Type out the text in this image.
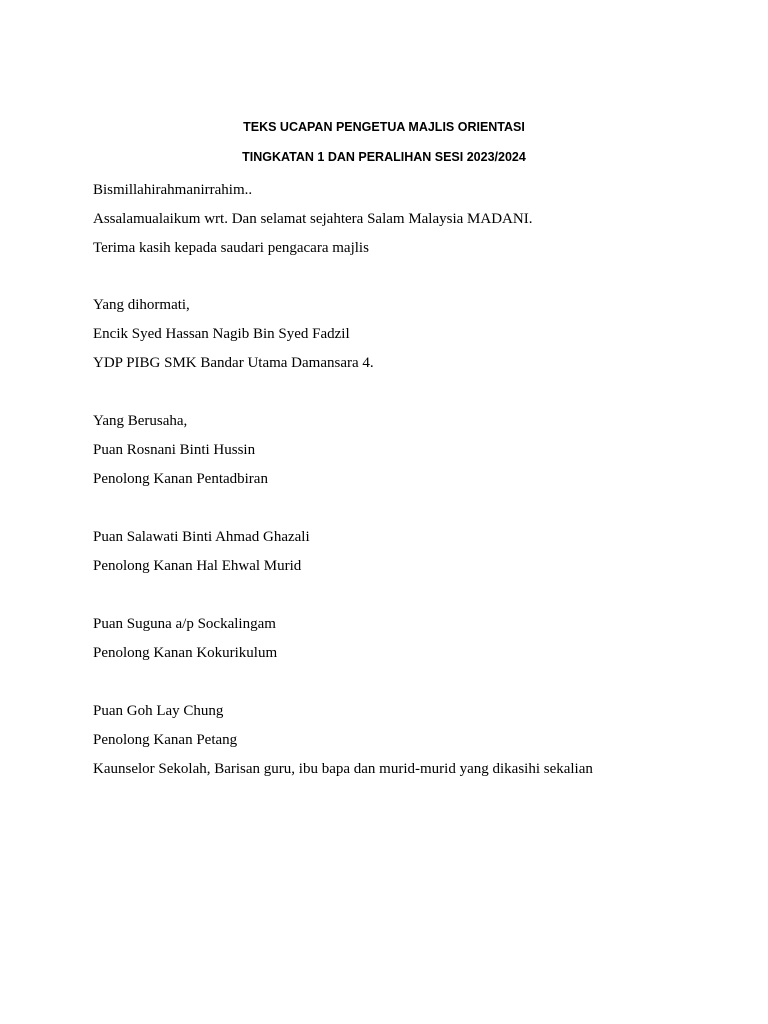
TEKS UCAPAN PENGETUA MAJLIS ORIENTASI
TINGKATAN 1 DAN PERALIHAN SESI 2023/2024
Bismillahirahmanirrahim..
Assalamualaikum wrt. Dan selamat sejahtera Salam Malaysia MADANI.
Terima kasih kepada saudari pengacara majlis
Yang dihormati,
Encik Syed Hassan Nagib Bin Syed Fadzil
YDP PIBG SMK Bandar Utama Damansara 4.
Yang Berusaha,
Puan Rosnani Binti Hussin
Penolong Kanan Pentadbiran
Puan Salawati Binti Ahmad Ghazali
Penolong Kanan Hal Ehwal Murid
Puan Suguna a/p Sockalingam
Penolong Kanan Kokurikulum
Puan Goh Lay Chung
Penolong Kanan Petang
Kaunselor Sekolah, Barisan guru, ibu bapa dan murid-murid yang dikasihi sekalian
